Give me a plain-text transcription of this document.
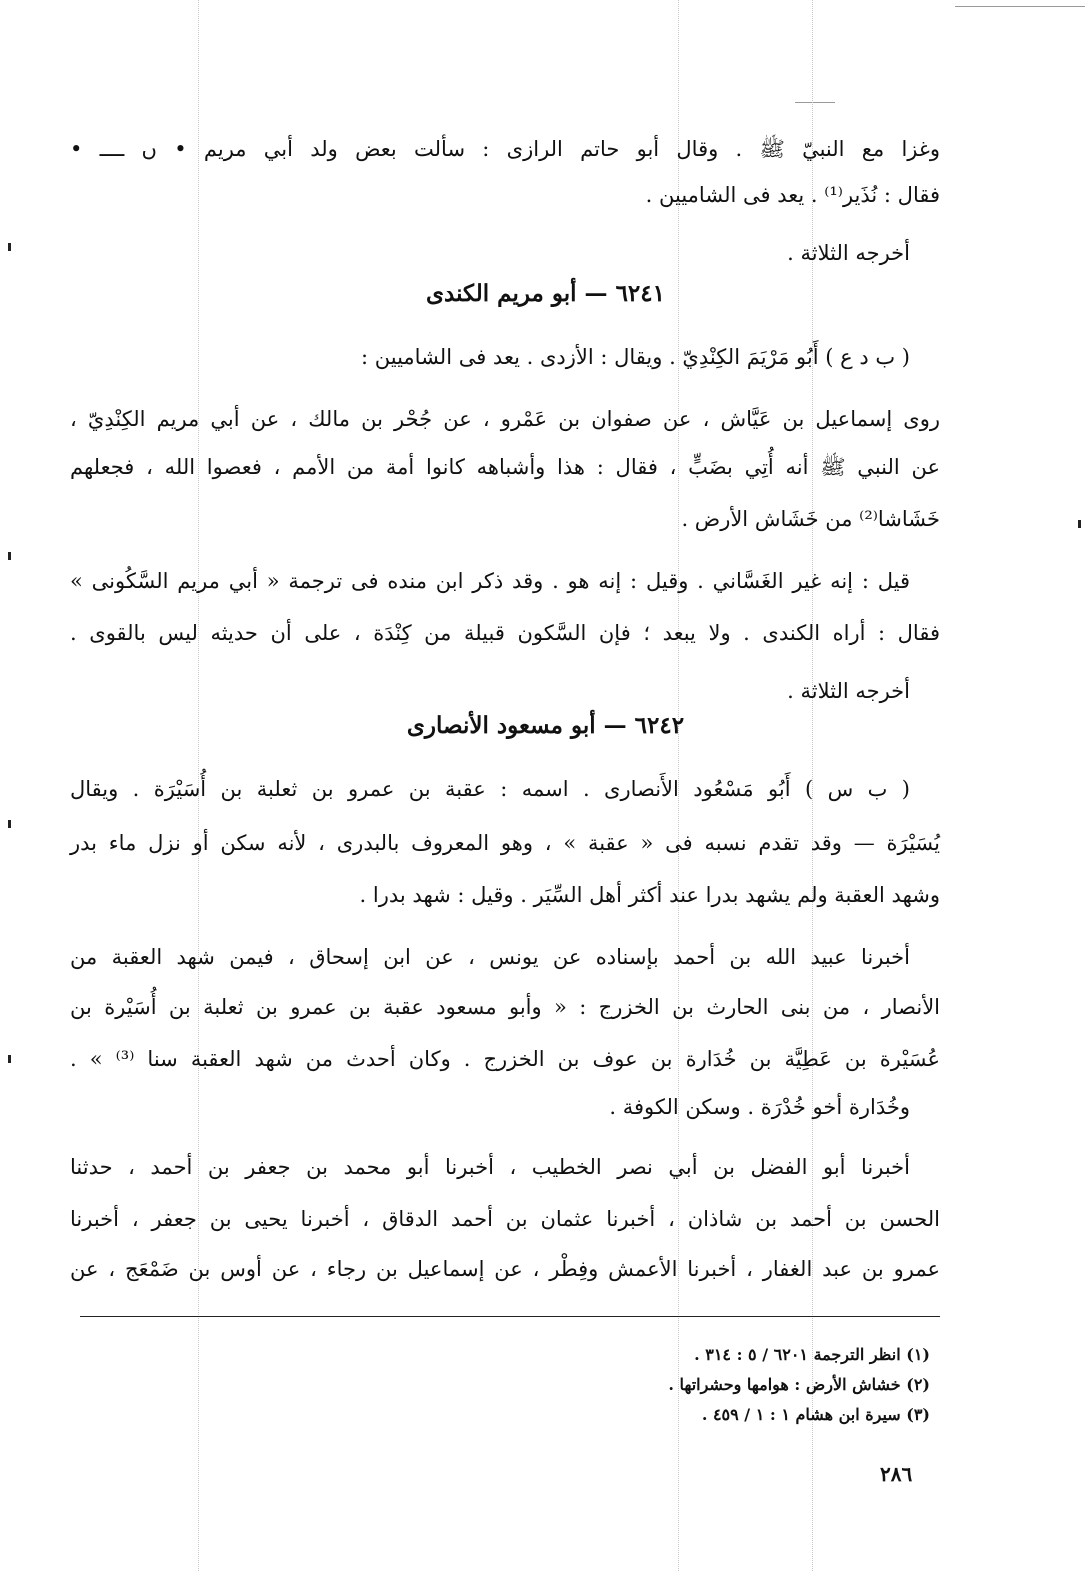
وغزا مع النبيّ ﷺ . وقال أبو حاتم الرازى : سألت بعض ولد أبي مريم • ں ــــ •
فقال : نُذَير⁽¹⁾ . يعد فى الشاميين .
أخرجه الثلاثة .
٦٢٤١ — أبو مريم الكندى
( ب د ع ) أَبُو مَرْيَمَ الكِنْدِيّ . ويقال : الأزدى . يعد فى الشاميين :
روى إسماعيل بن عَيَّاش ، عن صفوان بن عَمْرو ، عن جُحْر بن مالك ، عن أبي مريم الكِنْدِيّ ،
عن النبي ﷺ أنه أُتِي بضَبٍّ ، فقال : هذا وأشباهه كانوا أمة من الأمم ، فعصوا الله ، فجعلهم
خَشَاشا⁽²⁾ من خَشَاش الأرض .
قيل : إنه غير الغَسَّاني . وقيل : إنه هو . وقد ذكر ابن منده فى ترجمة « أبي مريم السَّكُونى »
فقال : أراه الكندى . ولا يبعد ؛ فإن السَّكون قبيلة من كِنْدَة ، على أن حديثه ليس بالقوى .
أخرجه الثلاثة .
٦٢٤٢ — أبو مسعود الأنصارى
( ب س ) أَبُو مَسْعُود الأَنصارى . اسمه : عقبة بن عمرو بن ثعلبة بن أُسَيْرَة . ويقال
يُسَيْرَة — وقد تقدم نسبه فى « عقبة » ، وهو المعروف بالبدرى ، لأنه سكن أو نزل ماء بدر
وشهد العقبة ولم يشهد بدرا عند أكثر أهل السِّيَر . وقيل : شهد بدرا .
أخبرنا عبيد الله بن أحمد بإسناده عن يونس ، عن ابن إسحاق ، فيمن شهد العقبة من
الأنصار ، من بنى الحارث بن الخزرج : « وأبو مسعود عقبة بن عمرو بن ثعلبة بن أُسَيْرة بن
عُسَيْرة بن عَطِيَّة بن خُدَارة بن عوف بن الخزرج . وكان أحدث من شهد العقبة سنا ⁽³⁾ » .
وخُدَارة أخو خُدْرَة . وسكن الكوفة .
أخبرنا أبو الفضل بن أبي نصر الخطيب ، أخبرنا أبو محمد بن جعفر بن أحمد ، حدثنا
الحسن بن أحمد بن شاذان ، أخبرنا عثمان بن أحمد الدقاق ، أخبرنا يحيى بن جعفر ، أخبرنا
عمرو بن عبد الغفار ، أخبرنا الأعمش وفِطْر ، عن إسماعيل بن رجاء ، عن أوس بن ضَمْعَج ، عن
(١) انظر الترجمة ٦٢٠١ / ٥ : ٣١٤ .
(٢) خشاش الأرض : هوامها وحشراتها .
(٣) سيرة ابن هشام ١ : ١ / ٤٥٩ .
٢٨٦
